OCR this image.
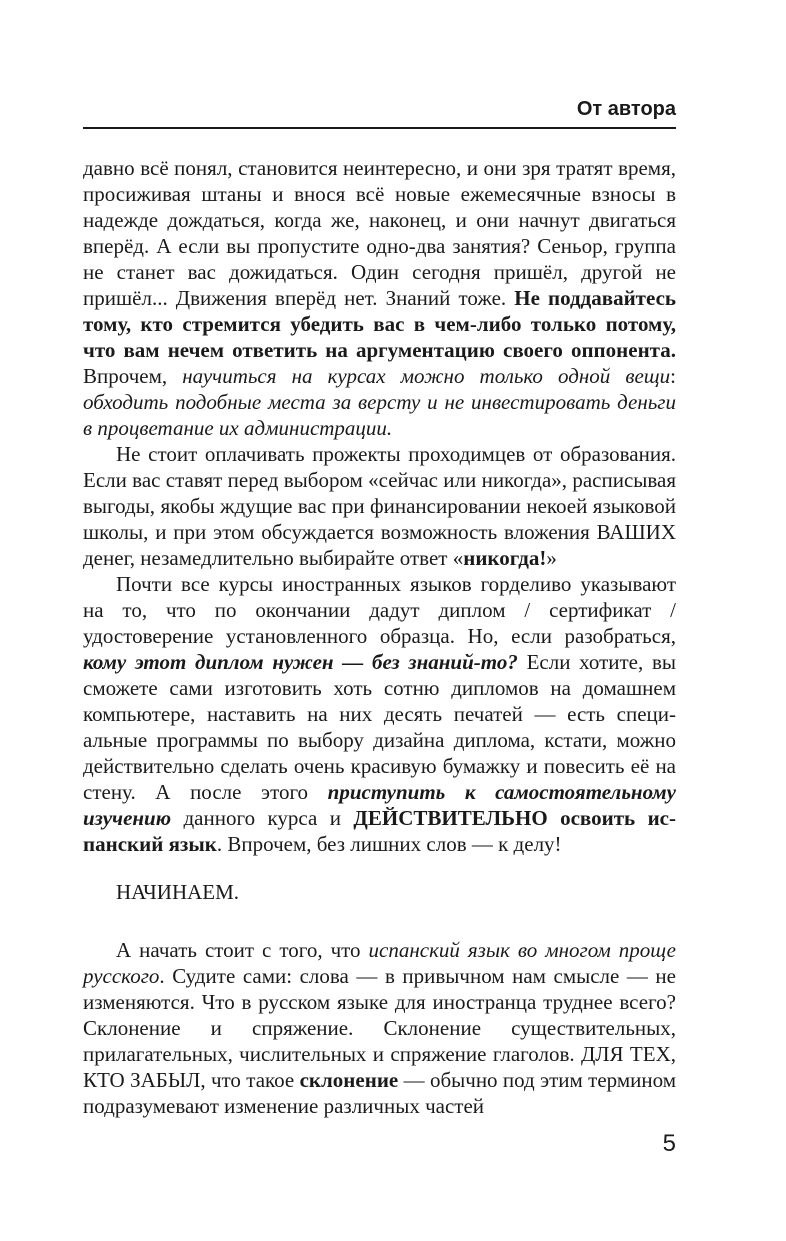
От автора

давно всё понял, становится неинтересно, и они зря тратят время, просиживая штаны и внося всё новые ежемесячные взносы в надежде дождаться, когда же, наконец, и они начнут двигаться вперёд. А если вы пропустите одно-два занятия? Сеньор, группа не станет вас дожидаться. Один сегодня пришёл, другой не пришёл... Движения вперёд нет. Знаний тоже. Не поддавайтесь тому, кто стремится убедить вас в чем-либо только потому, что вам нечем ответить на аргументацию своего оппонента. Впрочем, научиться на курсах можно только одной вещи: обходить подобные места за версту и не инвестировать деньги в процветание их администрации.

Не стоит оплачивать прожекты проходимцев от образования. Если вас ставят перед выбором «сейчас или никогда», расписывая выгоды, якобы ждущие вас при финансировании некоей языковой школы, и при этом обсуждается возможность вложения ВАШИХ денег, незамедлительно выбирайте ответ «никогда!»

Почти все курсы иностранных языков горделиво указывают на то, что по окончании дадут диплом / сертификат / удостоверение установленного образца. Но, если разобраться, кому этот диплом нужен — без знаний-то? Если хотите, вы сможете сами изготовить хоть сотню дипломов на домашнем компьютере, наставить на них десять печатей — есть специальные программы по выбору дизайна диплома, кстати, можно действительно сделать очень красивую бумажку и повесить её на стену. А после этого приступить к самостоятельному изучению данного курса и ДЕЙСТВИТЕЛЬНО освоить испанский язык. Впрочем, без лишних слов — к делу!

НАЧИНАЕМ.

А начать стоит с того, что испанский язык во многом проще русского. Судите сами: слова — в привычном нам смысле — не изменяются. Что в русском языке для иностранца труднее всего? Склонение и спряжение. Склонение существительных, прилагательных, числительных и спряжение глаголов. ДЛЯ ТЕХ, КТО ЗАБЫЛ, что такое склонение — обычно под этим термином подразумевают изменение различных частей

5
